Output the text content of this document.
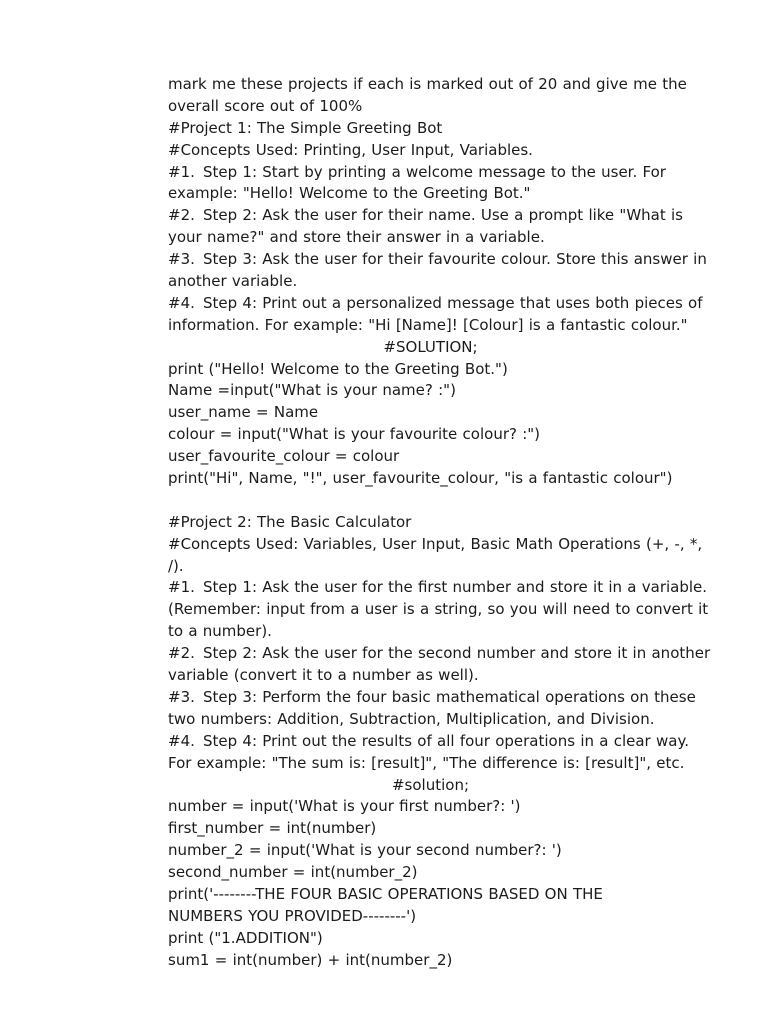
mark me these projects if each is marked out of 20 and give me the
overall score out of 100%
#Project 1: The Simple Greeting Bot
#Concepts Used: Printing, User Input, Variables.
#1. Step 1: Start by printing a welcome message to the user. For
example: "Hello! Welcome to the Greeting Bot."
#2. Step 2: Ask the user for their name. Use a prompt like "What is
your name?" and store their answer in a variable.
#3. Step 3: Ask the user for their favourite colour. Store this answer in
another variable.
#4. Step 4: Print out a personalized message that uses both pieces of
information. For example: "Hi [Name]! [Colour] is a fantastic colour."
#SOLUTION;
print ("Hello! Welcome to the Greeting Bot.")
Name =input("What is your name? :")
user_name = Name
colour = input("What is your favourite colour? :")
user_favourite_colour = colour
print("Hi", Name, "!", user_favourite_colour, "is a fantastic colour")
#Project 2: The Basic Calculator
#Concepts Used: Variables, User Input, Basic Math Operations (+, -, *,
/).
#1. Step 1: Ask the user for the first number and store it in a variable.
(Remember: input from a user is a string, so you will need to convert it
to a number).
#2. Step 2: Ask the user for the second number and store it in another
variable (convert it to a number as well).
#3. Step 3: Perform the four basic mathematical operations on these
two numbers: Addition, Subtraction, Multiplication, and Division.
#4. Step 4: Print out the results of all four operations in a clear way.
For example: "The sum is: [result]", "The difference is: [result]", etc.
#solution;
number = input('What is your first number?: ')
first_number = int(number)
number_2 = input('What is your second number?: ')
second_number = int(number_2)
print('--------THE FOUR BASIC OPERATIONS BASED ON THE
NUMBERS YOU PROVIDED--------')
print ("1.ADDITION")
sum1 = int(number) + int(number_2)
